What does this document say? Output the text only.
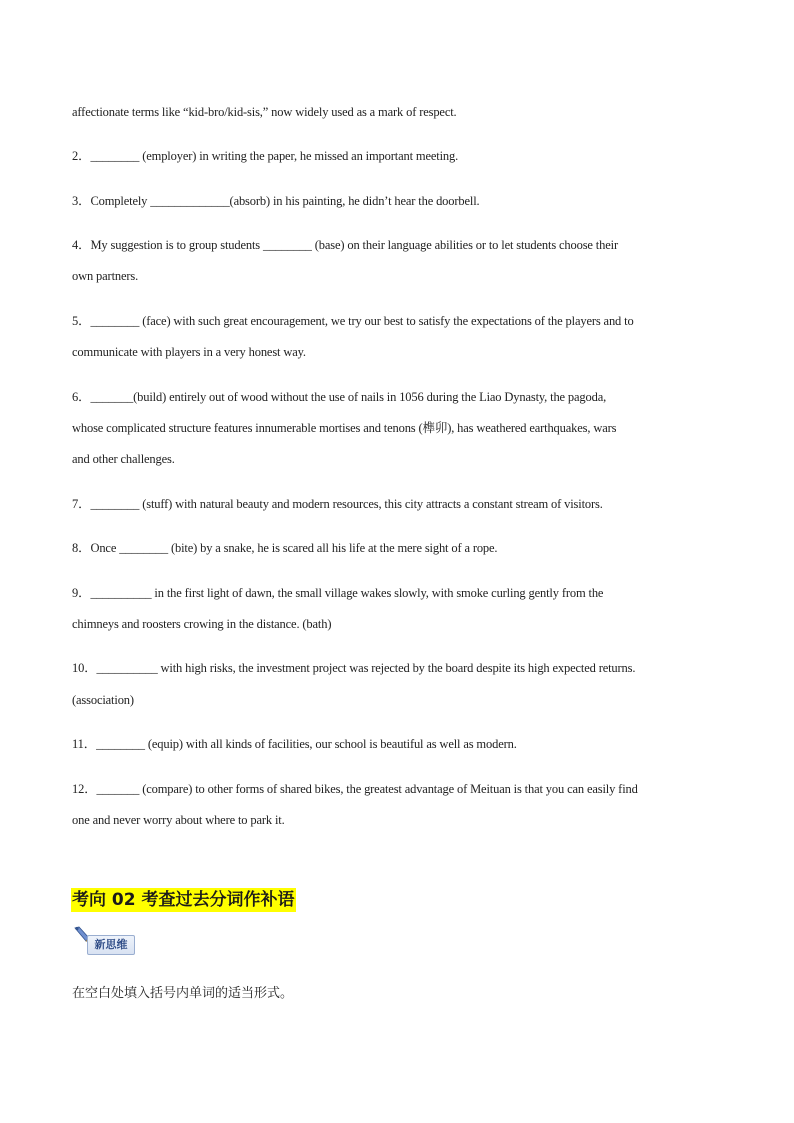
affectionate terms like “kid-bro/kid-sis,” now widely used as a mark of respect.
2．________ (employer) in writing the paper, he missed an important meeting.
3．Completely _____________(absorb) in his painting, he didn’t hear the doorbell.
4．My suggestion is to group students ________ (base) on their language abilities or to let students choose their
own partners.
5．________ (face) with such great encouragement, we try our best to satisfy the expectations of the players and to
communicate with players in a very honest way.
6．_______(build) entirely out of wood without the use of nails in 1056 during the Liao Dynasty, the pagoda,
whose complicated structure features innumerable mortises and tenons (榫卯), has weathered earthquakes, wars
and other challenges.
7．________ (stuff) with natural beauty and modern resources, this city attracts a constant stream of visitors.
8．Once ________ (bite) by a snake, he is scared all his life at the mere sight of a rope.
9．__________ in the first light of dawn, the small village wakes slowly, with smoke curling gently from the
chimneys and roosters crowing in the distance. (bath)
10．__________ with high risks, the investment project was rejected by the board despite its high expected returns.
(association)
11．________ (equip) with all kinds of facilities, our school is beautiful as well as modern.
12．_______ (compare) to other forms of shared bikes, the greatest advantage of Meituan is that you can easily find
one and never worry about where to park it.
考向 02 考查过去分词作补语
新思维
在空白处填入括号内单词的适当形式。
